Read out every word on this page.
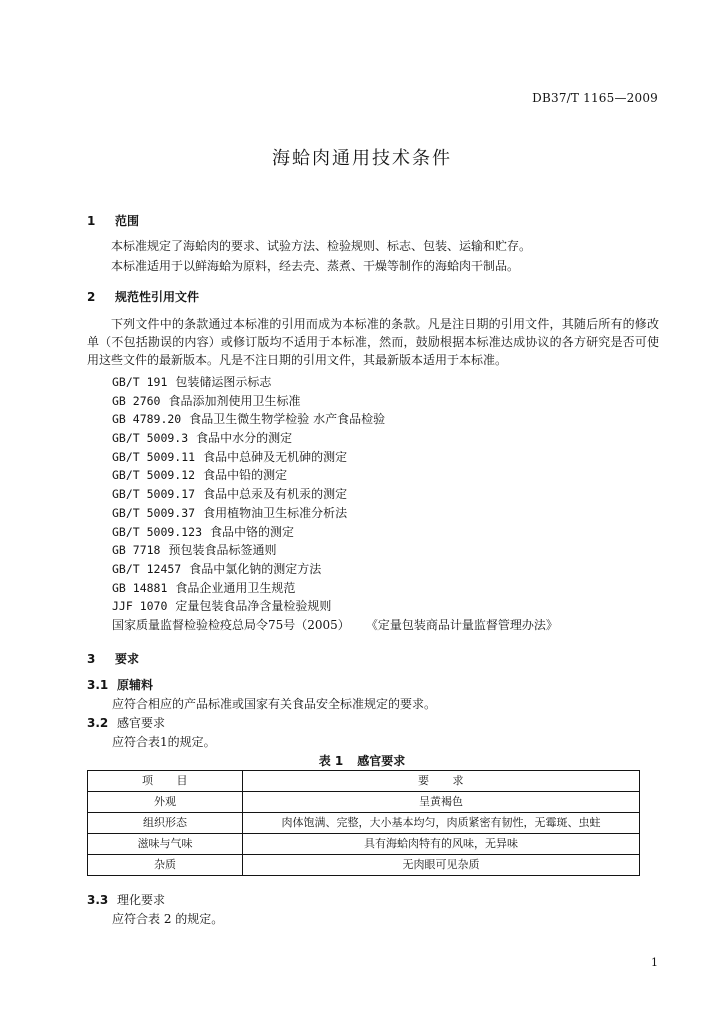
DB37/T 1165—2009
海蛤肉通用技术条件
1 范围
本标准规定了海蛤肉的要求、试验方法、检验规则、标志、包装、运输和贮存。
本标准适用于以鲜海蛤为原料，经去壳、蒸煮、干燥等制作的海蛤肉干制品。
2 规范性引用文件
下列文件中的条款通过本标准的引用而成为本标准的条款。凡是注日期的引用文件，其随后所有的修改单（不包括勘误的内容）或修订版均不适用于本标准，然而，鼓励根据本标准达成协议的各方研究是否可使用这些文件的最新版本。凡是不注日期的引用文件，其最新版本适用于本标准。
GB/T 191 包装储运图示标志
GB 2760 食品添加剂使用卫生标准
GB 4789.20 食品卫生微生物学检验 水产食品检验
GB/T 5009.3 食品中水分的测定
GB/T 5009.11 食品中总砷及无机砷的测定
GB/T 5009.12 食品中铅的测定
GB/T 5009.17 食品中总汞及有机汞的测定
GB/T 5009.37 食用植物油卫生标准分析法
GB/T 5009.123 食品中铬的测定
GB 7718 预包装食品标签通则
GB/T 12457 食品中氯化钠的测定方法
GB 14881 食品企业通用卫生规范
JJF 1070 定量包装食品净含量检验规则
国家质量监督检验检疫总局令75号（2005） 《定量包装商品计量监督管理办法》
3 要求
3.1 原辅料
应符合相应的产品标准或国家有关食品安全标准规定的要求。
3.2 感官要求
应符合表1的规定。
表 1 感官要求
项　　目	要　　求
外观	呈黄褐色
组织形态	肉体饱满、完整，大小基本均匀，肉质紧密有韧性，无霉斑、虫蛀
滋味与气味	具有海蛤肉特有的风味，无异味
杂质	无肉眼可见杂质
3.3 理化要求
应符合表 2 的规定。
1
